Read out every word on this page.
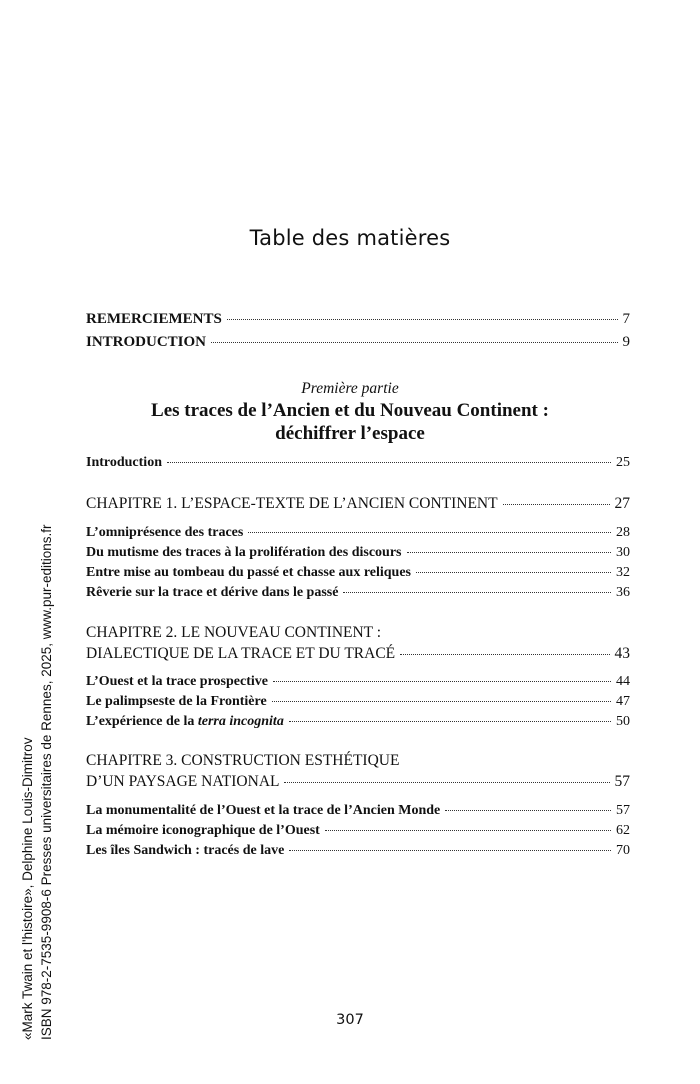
«Mark Twain et l'histoire», Delphine Louis-Dimitrov ISBN 978-2-7535-9908-6 Presses universitaires de Rennes, 2025, www.pur-editions.fr
Table des matières
REMERCIEMENTS	7
INTRODUCTION	9
Première partie
Les traces de l’Ancien et du Nouveau Continent :
déchiffrer l’espace
Introduction	25
CHAPITRE 1. L’ESPACE-TEXTE DE L’ANCIEN CONTINENT	27
L’omniprésence des traces	28
Du mutisme des traces à la prolifération des discours	30
Entre mise au tombeau du passé et chasse aux reliques	32
Rêverie sur la trace et dérive dans le passé	36
CHAPITRE 2. LE NOUVEAU CONTINENT :
DIALECTIQUE DE LA TRACE ET DU TRACÉ	43
L’Ouest et la trace prospective	44
Le palimpseste de la Frontière	47
L’expérience de la terra incognita	50
CHAPITRE 3. CONSTRUCTION ESTHÉTIQUE
D’UN PAYSAGE NATIONAL	57
La monumentalité de l’Ouest et la trace de l’Ancien Monde	57
La mémoire iconographique de l’Ouest	62
Les îles Sandwich : tracés de lave	70
307
